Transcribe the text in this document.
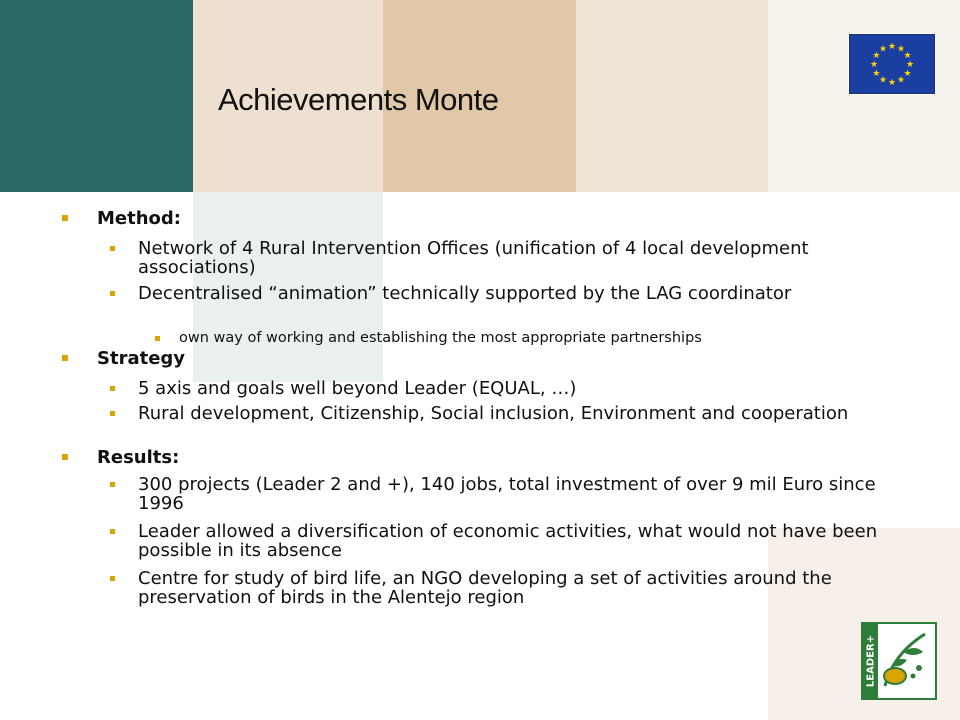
Achievements Monte
★ ★
★
★
★
★
★
★
★
★
★
★
Method:
Network of 4 Rural Intervention Offices (unification of 4 local development associations)
Decentralised “animation” technically supported by the LAG coordinator
own way of working and establishing the most appropriate partnerships
Strategy
5 axis and goals well beyond Leader (EQUAL, …)
Rural development, Citizenship, Social inclusion, Environment and cooperation
Results:
300 projects (Leader 2 and +), 140 jobs, total investment of over 9 mil Euro since 1996
Leader allowed a diversification of economic activities, what would not have been possible in its absence
Centre for study of bird life, an NGO developing a set of activities around the preservation of birds in the Alentejo region
LEADER+
